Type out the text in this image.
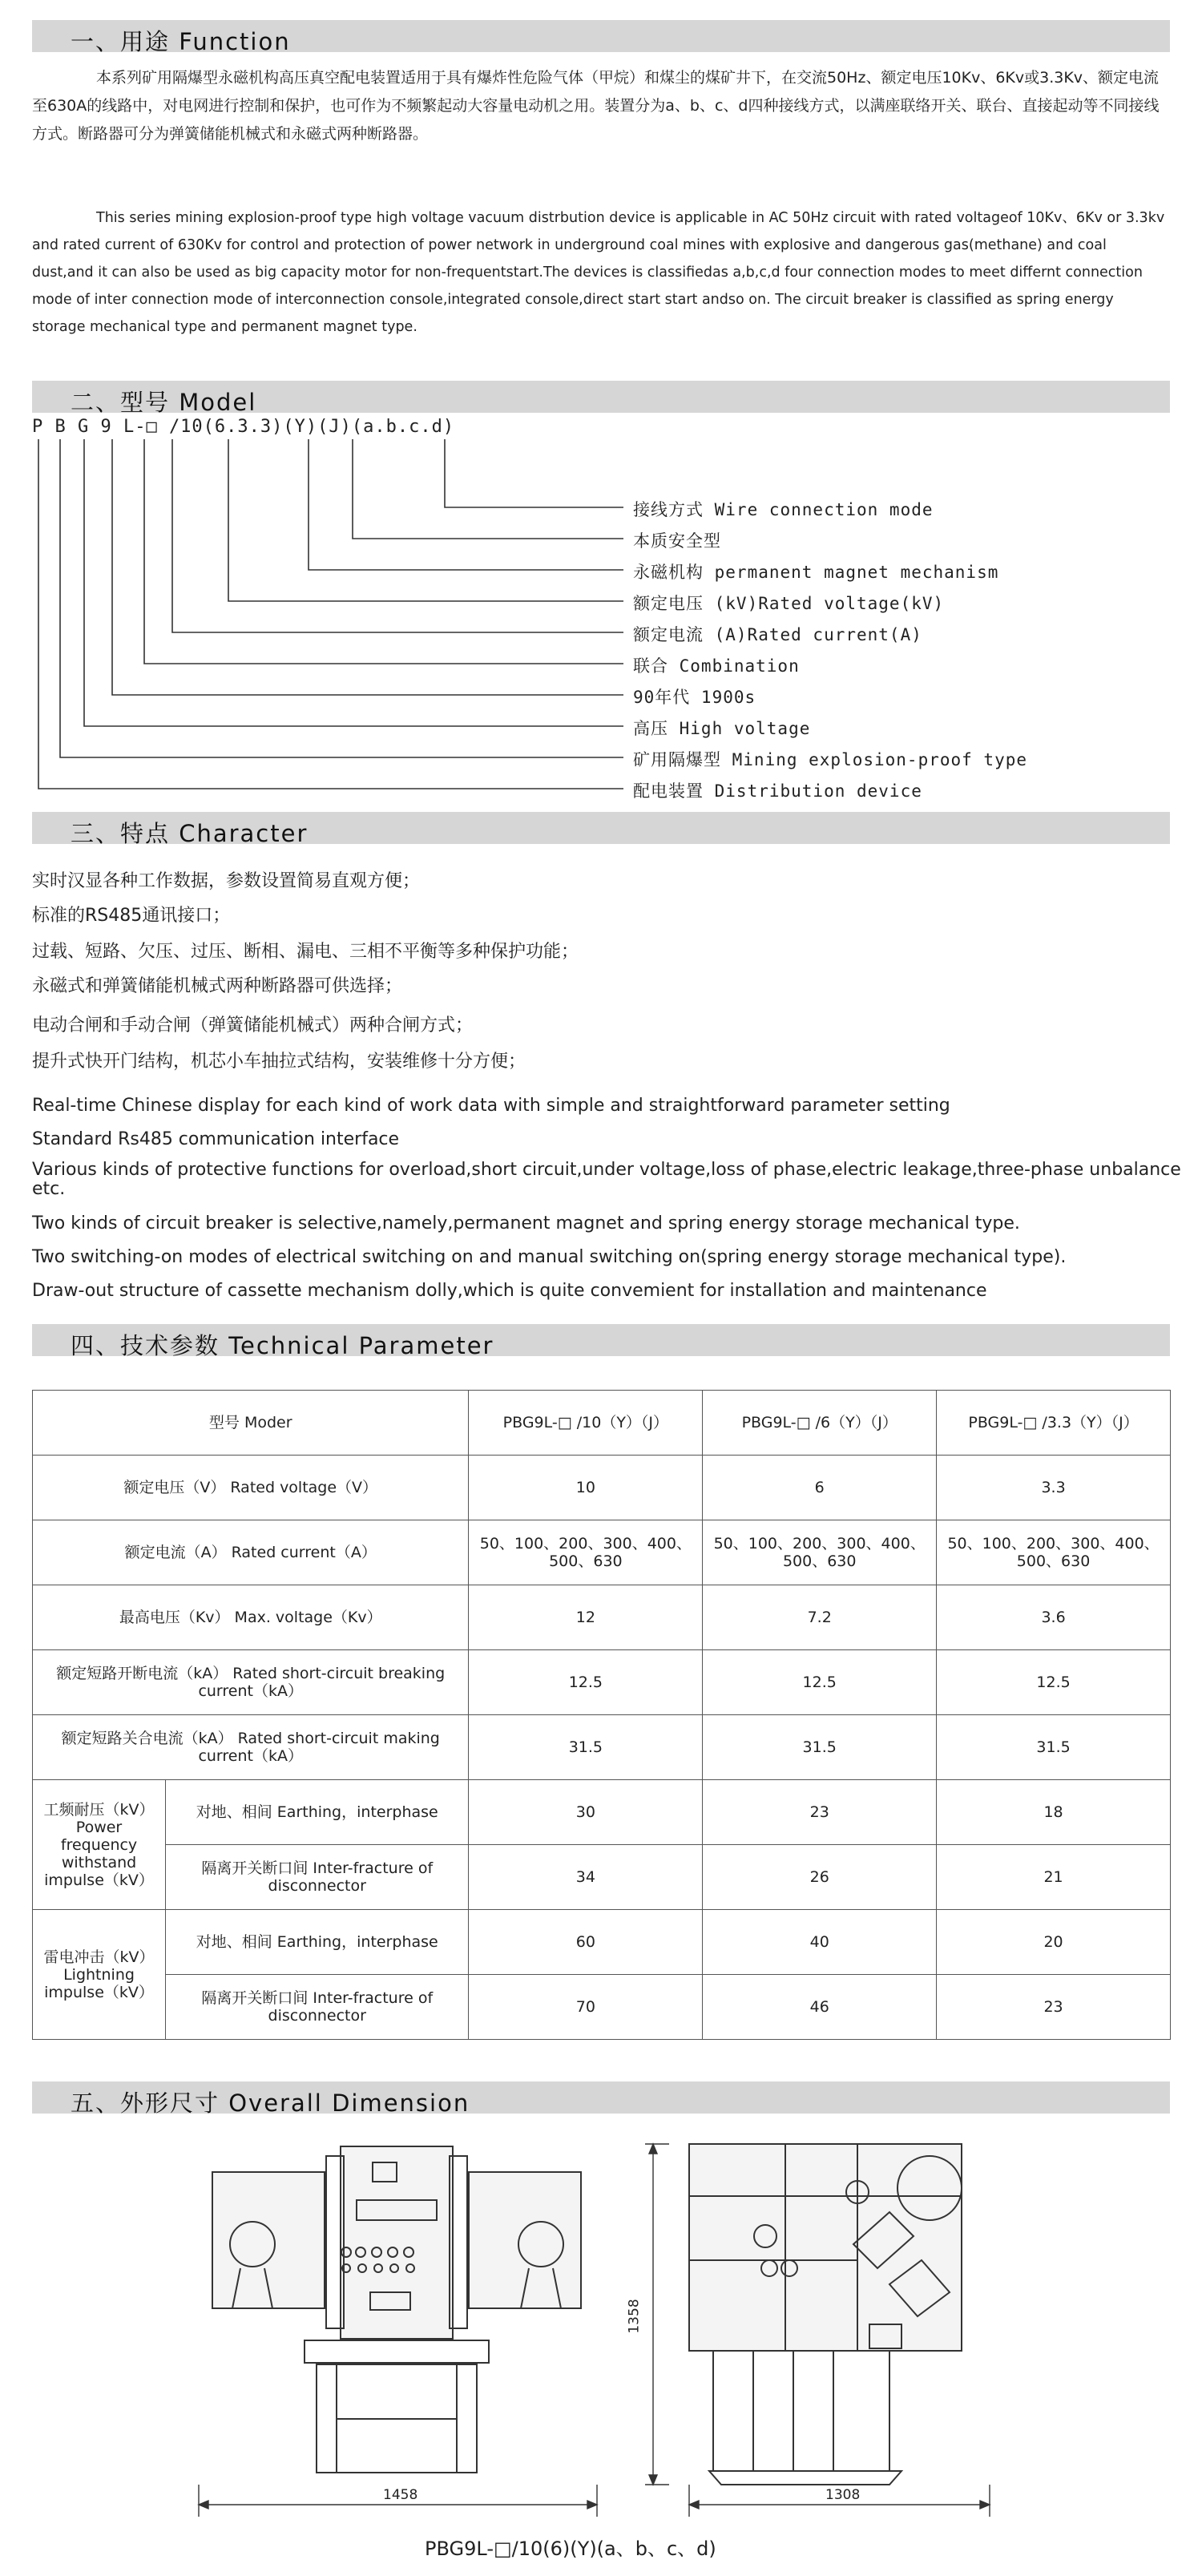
一、用途 Function

本系列矿用隔爆型永磁机构高压真空配电装置适用于具有爆炸性危险气体（甲烷）和煤尘的煤矿井下，在交流50Hz、额定电压10Kv、6Kv或3.3Kv、额定电流至630A的线路中，对电网进行控制和保护，也可作为不频繁起动大容量电动机之用。装置分为a、b、c、d四种接线方式，以满座联络开关、联台、直接起动等不同接线方式。断路器可分为弹簧储能机械式和永磁式两种断路器。

This series mining explosion-proof type high voltage vacuum distrbution device is applicable in AC 50Hz circuit with rated voltageof 10Kv、6Kv or 3.3kv and rated current of 630Kv for control and protection of power network in underground coal mines with explosive and dangerous gas(methane) and coal dust,and it can also be used as big capacity motor for non-frequentstart.The devices is classifiedas a,b,c,d four connection modes to meet differnt connection mode of inter connection mode of interconnection console,integrated console,direct start start andso on. The circuit breaker is classified as spring energy storage mechanical type and permanent magnet type.

二、型号 Model
P B G 9 L-□ /10(6.3.3)(Y)(J)(a.b.c.d)
接线方式 Wire connection mode
本质安全型
永磁机构 permanent magnet mechanism
额定电压 (kV)Rated voltage(kV)
额定电流 (A)Rated current(A)
联合 Combination
90年代 1900s
高压 High voltage
矿用隔爆型 Mining explosion-proof type
配电装置 Distribution device
三、特点 Character
实时汉显各种工作数据，参数设置简易直观方便；
标准的RS485通讯接口；
过载、短路、欠压、过压、断相、漏电、三相不平衡等多种保护功能；
永磁式和弹簧储能机械式两种断路器可供选择；
电动合闸和手动合闸（弹簧储能机械式）两种合闸方式；
提升式快开门结构，机芯小车抽拉式结构，安装维修十分方便；
Real-time Chinese display for each kind of work data with simple and straightforward parameter setting
Standard Rs485 communication interface
Various kinds of protective functions for overload,short circuit,under voltage,loss of phase,electric leakage,three-phase unbalance etc.
Two kinds of circuit breaker is selective,namely,permanent magnet and spring energy storage mechanical type.
Two switching-on modes of electrical switching on and manual switching on(spring energy storage mechanical type).
Draw-out structure of cassette mechanism dolly,which is quite convemient for installation and maintenance
四、技术参数 Technical Parameter
型号 Moder		PBG9L-□ /10（Y）（J）	PBG9L-□ /6（Y）（J）	PBG9L-□ /3.3（Y）（J）
额定电压（V） Rated voltage（V）		10	6	3.3
额定电流（A） Rated current（A）		50、100、200、300、400、500、630	50、100、200、300、400、500、630	50、100、200、300、400、500、630
最高电压（Kv） Max. voltage（Kv）		12	7.2	3.6
额定短路开断电流（kA） Rated short-circuit breaking current（kA）		12.5	12.5	12.5
额定短路关合电流（kA） Rated short-circuit making current（kA）		31.5	31.5	31.5
工频耐压（kV） Power frequency withstand impulse（kV）	对地、相间 Earthing，interphase	30	23	18
	隔离开关断口间 Inter-fracture of disconnector	34	26	21
雷电冲击（kV） Lightning impulse（kV）	对地、相间 Earthing，interphase	60	40	20
	隔离开关断口间 Inter-fracture of disconnector	70	46	23
五、外形尺寸 Overall Dimension
1458	1308
1358
PBG9L-□/10(6)(Y)(a、b、c、d)
